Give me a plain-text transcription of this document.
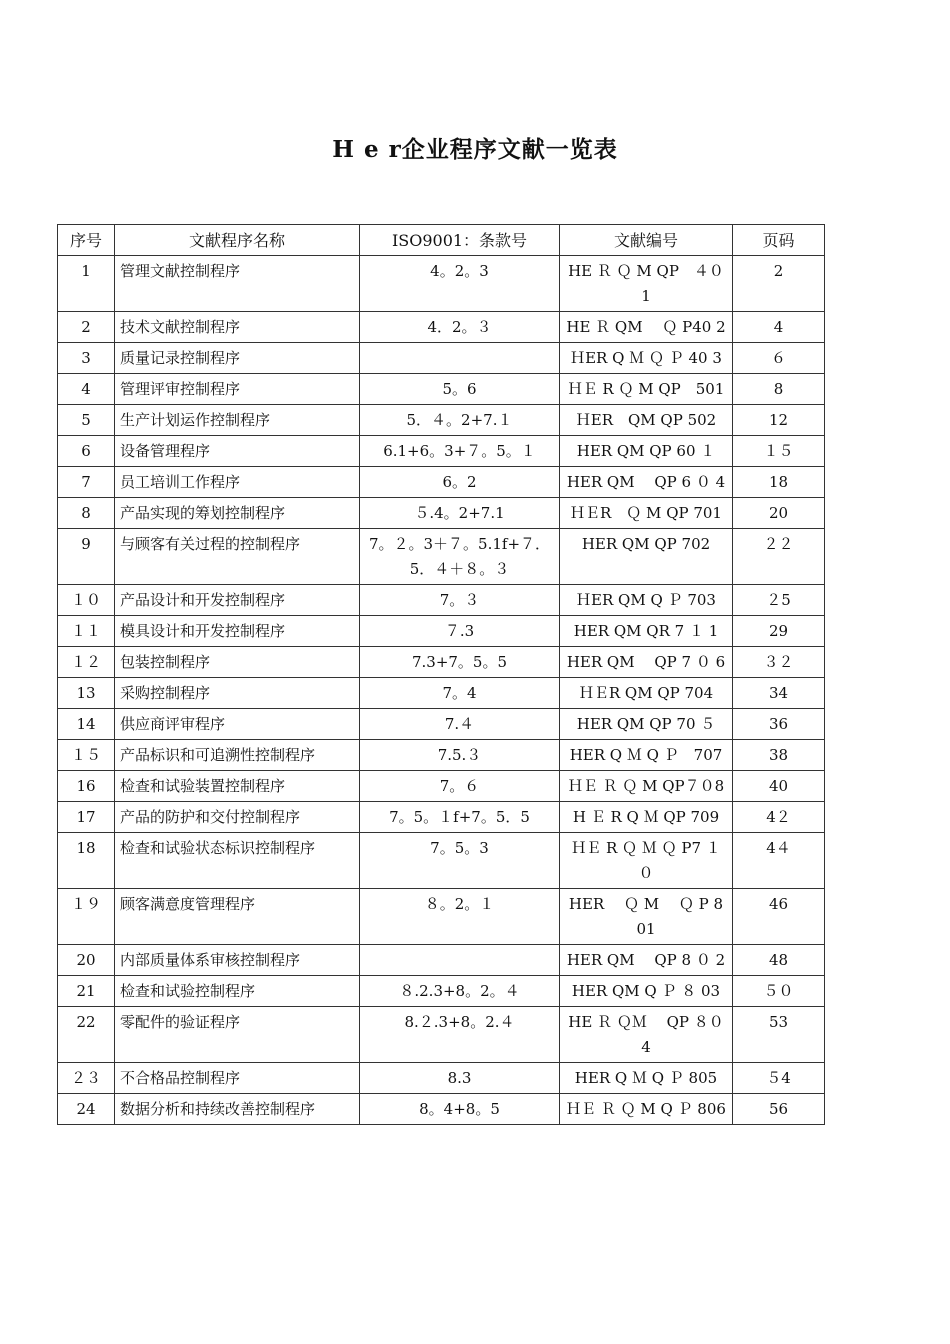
H e r企业程序文献一览表
序号	文献程序名称	ISO9001：条款号	文献编号	页码
1	管理文献控制程序	4。2。3	HE Ｒ Ｑ M QP　４０1	2
2	技术文献控制程序	4．2。３	HE Ｒ QM　 Ｑ P40 2	4
3	质量记录控制程序		ＨER Q Ｍ Ｑ Ｐ 40 3	６
4	管理评审控制程序	5。6	ＨＥ R Ｑ M QP　501	8
5	生产计划运作控制程序	5．４。2+7.１	ＨER　QM QP 502	12
6	设备管理程序	6.1+6。3+７。5。１	HER QM QP 60 １	１５
7	员工培训工作程序	6。2	HER QM　 QP 6 ０ 4	18
8	产品实现的筹划控制程序	５.4。2+7.1	ＨＥR　Ｑ M QP 701	20
9	与顾客有关过程的控制程序	7。２。3＋７。5.1f+７．5．４＋８。３	HER QM QP 702	２２
１０	产品设计和开发控制程序	7。３	ＨER QM Q Ｐ 703	２5
１１	模具设计和开发控制程序	７.3	HER QM QR 7 １ 1	29
１２	包装控制程序	7.3+7。5。5	HER QM　 QP 7 ０ 6	３２
13	采购控制程序	7。4	ＨＥR QM QP 704	34
14	供应商评审程序	7.４	HER QM QP 70 ５	36
１５	产品标识和可追溯性控制程序	7.5.３	HER Q Ｍ Q Ｐ　707	38
16	检查和试验装置控制程序	7。６	ＨＥ Ｒ Ｑ M QP７０8	40
17	产品的防护和交付控制程序	7。5。１f+7。5．5	H Ｅ R Q Ｍ QP 709	4２
18	检查和试验状态标识控制程序	7。5。3	ＨＥ R Ｑ Ｍ Ｑ P7 １０	4４
１９	顾客满意度管理程序	８。2。１	HER　 Ｑ M　 Ｑ P 801	46
20	内部质量体系审核控制程序		HER QM　 QP 8 ０ 2	48
21	检查和试验控制程序	８.2.3+8。2。４	HER QM Q Ｐ ８ 03	５０
22	零配件的验证程序	8.２.3+8。2.４	HE Ｒ ＱＭ　 QP ８０4	53
２３	不合格品控制程序	8.3	HER Q Ｍ Q Ｐ 805	５4
24	数据分析和持续改善控制程序	8。4+8。5	ＨＥ Ｒ Ｑ M Q Ｐ 806	56
